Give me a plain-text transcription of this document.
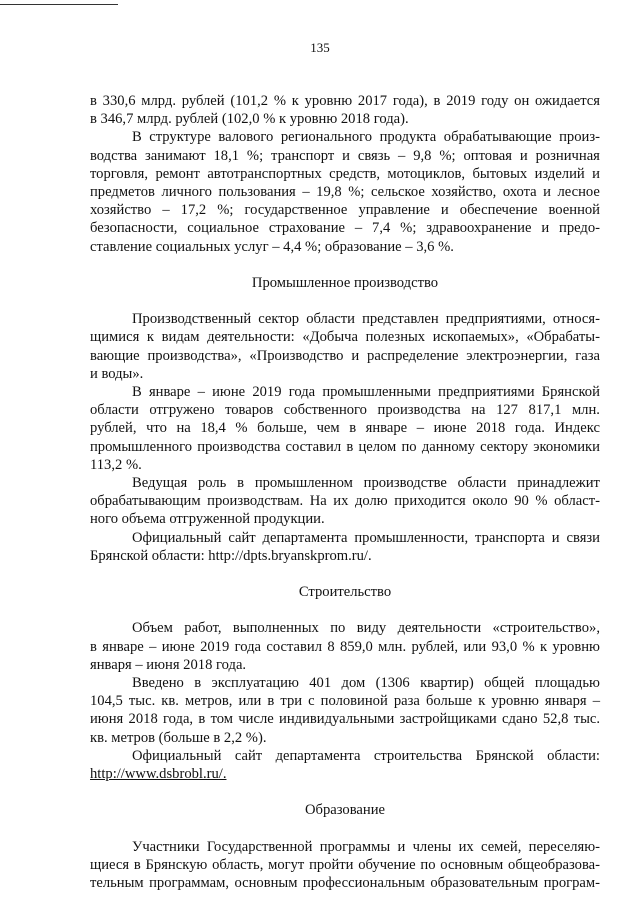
135
в 330,6 млрд. рублей (101,2 % к уровню 2017 года), в 2019 году он ожидается
в 346,7 млрд. рублей (102,0 % к уровню 2018 года).
В структуре валового регионального продукта обрабатывающие произ-
водства занимают 18,1 %; транспорт и связь – 9,8 %; оптовая и розничная
торговля, ремонт автотранспортных средств, мотоциклов, бытовых изделий и
предметов личного пользования – 19,8 %; сельское хозяйство, охота и лесное
хозяйство – 17,2 %; государственное управление и обеспечение военной
безопасности, социальное страхование – 7,4 %; здравоохранение и предо-
ставление социальных услуг – 4,4 %; образование – 3,6 %.
Промышленное производство
Производственный сектор области представлен предприятиями, относя-
щимися к видам деятельности: «Добыча полезных ископаемых», «Обрабаты-
вающие производства», «Производство и распределение электроэнергии, газа
и воды».
В январе – июне 2019 года промышленными предприятиями Брянской
области отгружено товаров собственного производства на 127 817,1 млн.
рублей, что на 18,4 % больше, чем в январе – июне 2018 года. Индекс
промышленного производства составил в целом по данному сектору экономики
113,2 %.
Ведущая роль в промышленном производстве области принадлежит
обрабатывающим производствам. На их долю приходится около 90 % област-
ного объема отгруженной продукции.
Официальный сайт департамента промышленности, транспорта и связи
Брянской области: http://dpts.bryanskprom.ru/.
Строительство
Объем работ, выполненных по виду деятельности «строительство»,
в январе – июне 2019 года составил 8 859,0 млн. рублей, или 93,0 % к уровню
января – июня 2018 года.
Введено в эксплуатацию 401 дом (1306 квартир) общей площадью
104,5 тыс. кв. метров, или в три с половиной раза больше к уровню января –
июня 2018 года, в том числе индивидуальными застройщиками сдано 52,8 тыс.
кв. метров (больше в 2,2 %).
Официальный сайт департамента строительства Брянской области:
http://www.dsbrobl.ru/.
Образование
Участники Государственной программы и члены их семей, переселяю-
щиеся в Брянскую область, могут пройти обучение по основным общеобразова-
тельным программам, основным профессиональным образовательным програм-
